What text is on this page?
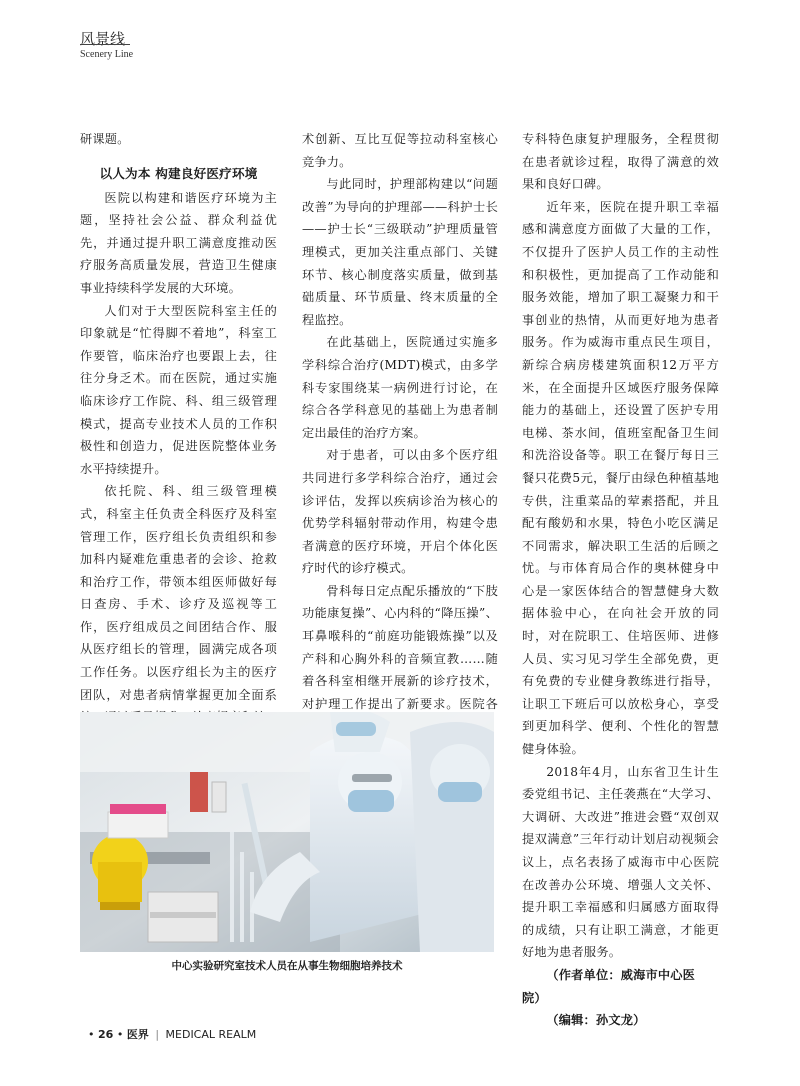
风景线
Scenery Line

研课题。

以人为本 构建良好医疗环境

医院以构建和谐医疗环境为主题，坚持社会公益、群众利益优先，并通过提升职工满意度推动医疗服务高质量发展，营造卫生健康事业持续科学发展的大环境。

人们对于大型医院科室主任的印象就是“忙得脚不着地”，科室工作要管，临床治疗也要跟上去，往往分身乏术。而在医院，通过实施临床诊疗工作院、科、组三级管理模式，提高专业技术人员的工作积极性和创造力，促进医院整体业务水平持续提升。

依托院、科、组三级管理模式，科室主任负责全科医疗及科室管理工作，医疗组长负责组织和参加科内疑难危重患者的会诊、抢救和治疗工作，带领本组医师做好每日查房、手术、诊疗及巡视等工作，医疗组成员之间团结合作、服从医疗组长的管理，圆满完成各项工作任务。以医疗组长为主的医疗团队，对患者病情掌握更加全面系

术创新、互比互促等拉动科室核心竞争力。

与此同时，护理部构建以“问题改善”为导向的护理部——科护士长——护士长“三级联动”护理质量管理模式，更加关注重点部门、关键环节、核心制度落实质量，做到基础质量、环节质量、终末质量的全程监控。

在此基础上，医院通过实施多学科综合治疗(MDT)模式，由多学科专家围绕某一病例进行讨论，在综合各学科意见的基础上为患者制定出最佳的治疗方案。

对于患者，可以由多个医疗组共同进行多学科综合治疗，通过会诊评估，发挥以疾病诊治为核心的优势学科辐射带动作用，构建令患者满意的医疗环境，开启个体化医疗时代的诊疗模式。

骨科每日定点配乐播放的“下肢功能康复操”、心内科的“降压操”、耳鼻喉科的“前庭功能锻炼操”以及产科和心胸外科的音频宣教……随着各科室相继开展新的诊疗技术，对护理工作提出了新要求。医院各

专科特色康复护理服务，全程贯彻在患者就诊过程，取得了满意的效果和良好口碑。

近年来，医院在提升职工幸福感和满意度方面做了大量的工作，不仅提升了医护人员工作的主动性和积极性，更加提高了工作动能和服务效能，增加了职工凝聚力和干事创业的热情，从而更好地为患者服务。作为威海市重点民生项目，新综合病房楼建筑面积12万平方米，在全面提升区域医疗服务保障能力的基础上，还设置了医护专用电梯、茶水间，值班室配备卫生间和洗浴设备等。职工在餐厅每日三餐只花费5元，餐厅由绿色种植基地专供，注重菜品的荤素搭配，并且配有酸奶和水果，特色小吃区满足不同需求，解决职工生活的后顾之忧。与市体育局合作的奥林健身中心是一家医体结合的智慧健身大数据体验中心，在向社会开放的同时，对在院职工、住培医师、进修人员、实习见习学生全部免费，更有免费的专业健身教练进行指导，让职工下班后可以放松身心，享受到更加科学、便利、个性化的智慧健身体验。

2018年4月，山东省卫生计生委党组书记、主任袭燕在“大学习、大调研、大改进”推进会暨“双创双提双满意”三年行动计划启动视频会议上，点名表扬了威海市中心医院在改善办公环境、增强人文关怀、提升职工幸福感和归属感方面取得的成绩，只有让职工满意，才能更好地为患者服务。

（作者单位：威海市中心医

院）

（编辑：孙文龙）

中心实验研究室技术人员在从事生物细胞培养技术
• 26 • 医界 | MEDICAL REALM
